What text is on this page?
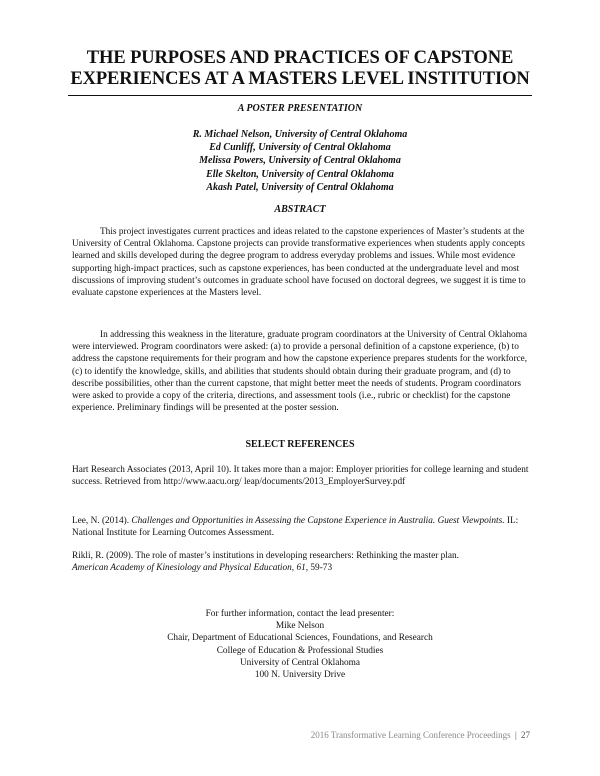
THE PURPOSES AND PRACTICES OF CAPSTONE
EXPERIENCES AT A MASTERS LEVEL INSTITUTION
A POSTER PRESENTATION
R. Michael Nelson, University of Central Oklahoma
Ed Cunliff, University of Central Oklahoma
Melissa Powers, University of Central Oklahoma
Elle Skelton, University of Central Oklahoma
Akash Patel, University of Central Oklahoma
ABSTRACT

This project investigates current practices and ideas related to the capstone experiences of Master’s students at the University of Central Oklahoma. Capstone projects can provide transformative experiences when students apply concepts learned and skills developed during the degree program to address everyday problems and issues. While most evidence supporting high-impact practices, such as capstone experiences, has been conducted at the undergraduate level and most discussions of improving student’s outcomes in graduate school have focused on doctoral degrees, we suggest it is time to evaluate capstone experiences at the Masters level.

In addressing this weakness in the literature, graduate program coordinators at the University of Central Oklahoma were interviewed. Program coordinators were asked: (a) to provide a personal definition of a capstone experience, (b) to address the capstone requirements for their program and how the capstone experience prepares students for the workforce, (c) to identify the knowledge, skills, and abilities that students should obtain during their graduate program, and (d) to describe possibilities, other than the current capstone, that might better meet the needs of students. Program coordinators were asked to provide a copy of the criteria, directions, and assessment tools (i.e., rubric or checklist) for the capstone experience. Preliminary findings will be presented at the poster session.

SELECT REFERENCES

Hart Research Associates (2013, April 10). It takes more than a major: Employer priorities for college learning and student success. Retrieved from http://www.aacu.org/ leap/documents/2013_EmployerSurvey.pdf

Lee, N. (2014). Challenges and Opportunities in Assessing the Capstone Experience in Australia. Guest Viewpoints. IL: National Institute for Learning Outcomes Assessment.

Rikli, R. (2009). The role of master’s institutions in developing researchers: Rethinking the master plan.
American Academy of Kinesiology and Physical Education, 61, 59-73

For further information, contact the lead presenter:
Mike Nelson
Chair, Department of Educational Sciences, Foundations, and Research
College of Education & Professional Studies
University of Central Oklahoma
100 N. University Drive
2016 Transformative Learning Conference Proceedings | 27
